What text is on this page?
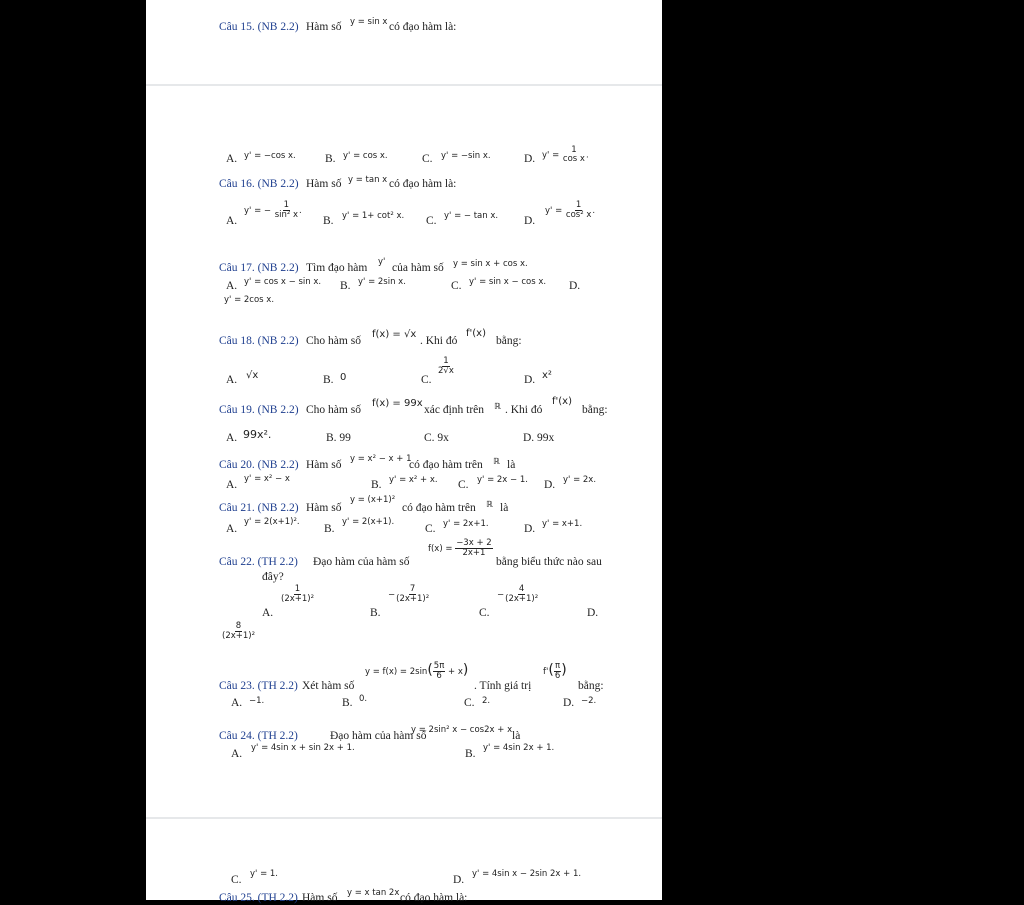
Câu 15. (NB 2.2) Hàm số y = sin x có đạo hàm là:
A. y' = −cos x.	B. y' = cos x.	C. y' = −sin x.	D. y' =
1
cos x .
Câu 16. (NB 2.2) Hàm số y = tan x có đạo hàm là:
A.
y' = − $\frac{1}{\text{sin² x}}$ .
B. y' = 1+ cot² x. C. y' = − tan x. D.
$y' = \frac{1}{\text{cos² x}}$ .
Câu 17. (NB 2.2) Tìm đạo hàm y' của hàm số y = sin x + cos x.
A. y' = cos x − sin x. B. y' = 2sin x.	C. y' = sin x − cos x. D.
y' = 2cos x.
Câu 18. (NB 2.2) Cho hàm số
f(x) = √x
. Khi đó
f'(x)
bằng:
A. √x	B. 0	C.
$\frac{1}{2√x}$
D. x²
Câu 19. (NB 2.2) Cho hàm số
f(x) = 99x
xác định trên ℝ . Khi đó
f'(x)
bằng:
A. 99x².	B. 99	C. 9x	D. 99x
Câu 20. (NB 2.2) Hàm số y = x² − x + 1
có đạo hàm trên ℝ là
A. y' = x² − x	B. y' = x² + x. C. y' = 2x − 1. D. y' = 2x.
Câu 21. (NB 2.2) Hàm số
y = (x+1)²
có đạo hàm trên ℝ là
A.
y' = 2(x+1)².
B.
y' = 2(x+1).
C. y' = 2x+1.	D. y' = x+1.
Câu 22. (TH 2.2) Đạo hàm của hàm số
$f(x) = \frac{-3x + 2}{2x+1}$
bằng biểu thức nào sau
đây?
A.
$\frac{1}{\text{(2x+1)²}}$
B.
− $\frac{7}{\text{(2x+1)²}}$
C.
− $\frac{4}{\text{(2x+1)²}}$
D.
$\frac{8}{\text{(2x+1)²}}$
Câu 23. (TH 2.2) Xét hàm số
$y = f(x) = 2\sin( \frac{5\pi}{6} + x)$
. Tính giá trị
$f'( \frac{\pi}{6}$ )
bằng:
A. −1.	B. 0.	C. 2.	D. −2.
Câu 24. (TH 2.2)	Đạo hàm của hàm số
y = 2sin² x − cos2x + x là
A. y' = 4sin x + sin 2x + 1.	B. y' = 4sin 2x + 1.
C. y' = 1.	D. y' = 4sin x − 2sin 2x + 1.
Câu 25. (TH 2.2) Hàm số y = x tan 2x có đạo hàm là:
